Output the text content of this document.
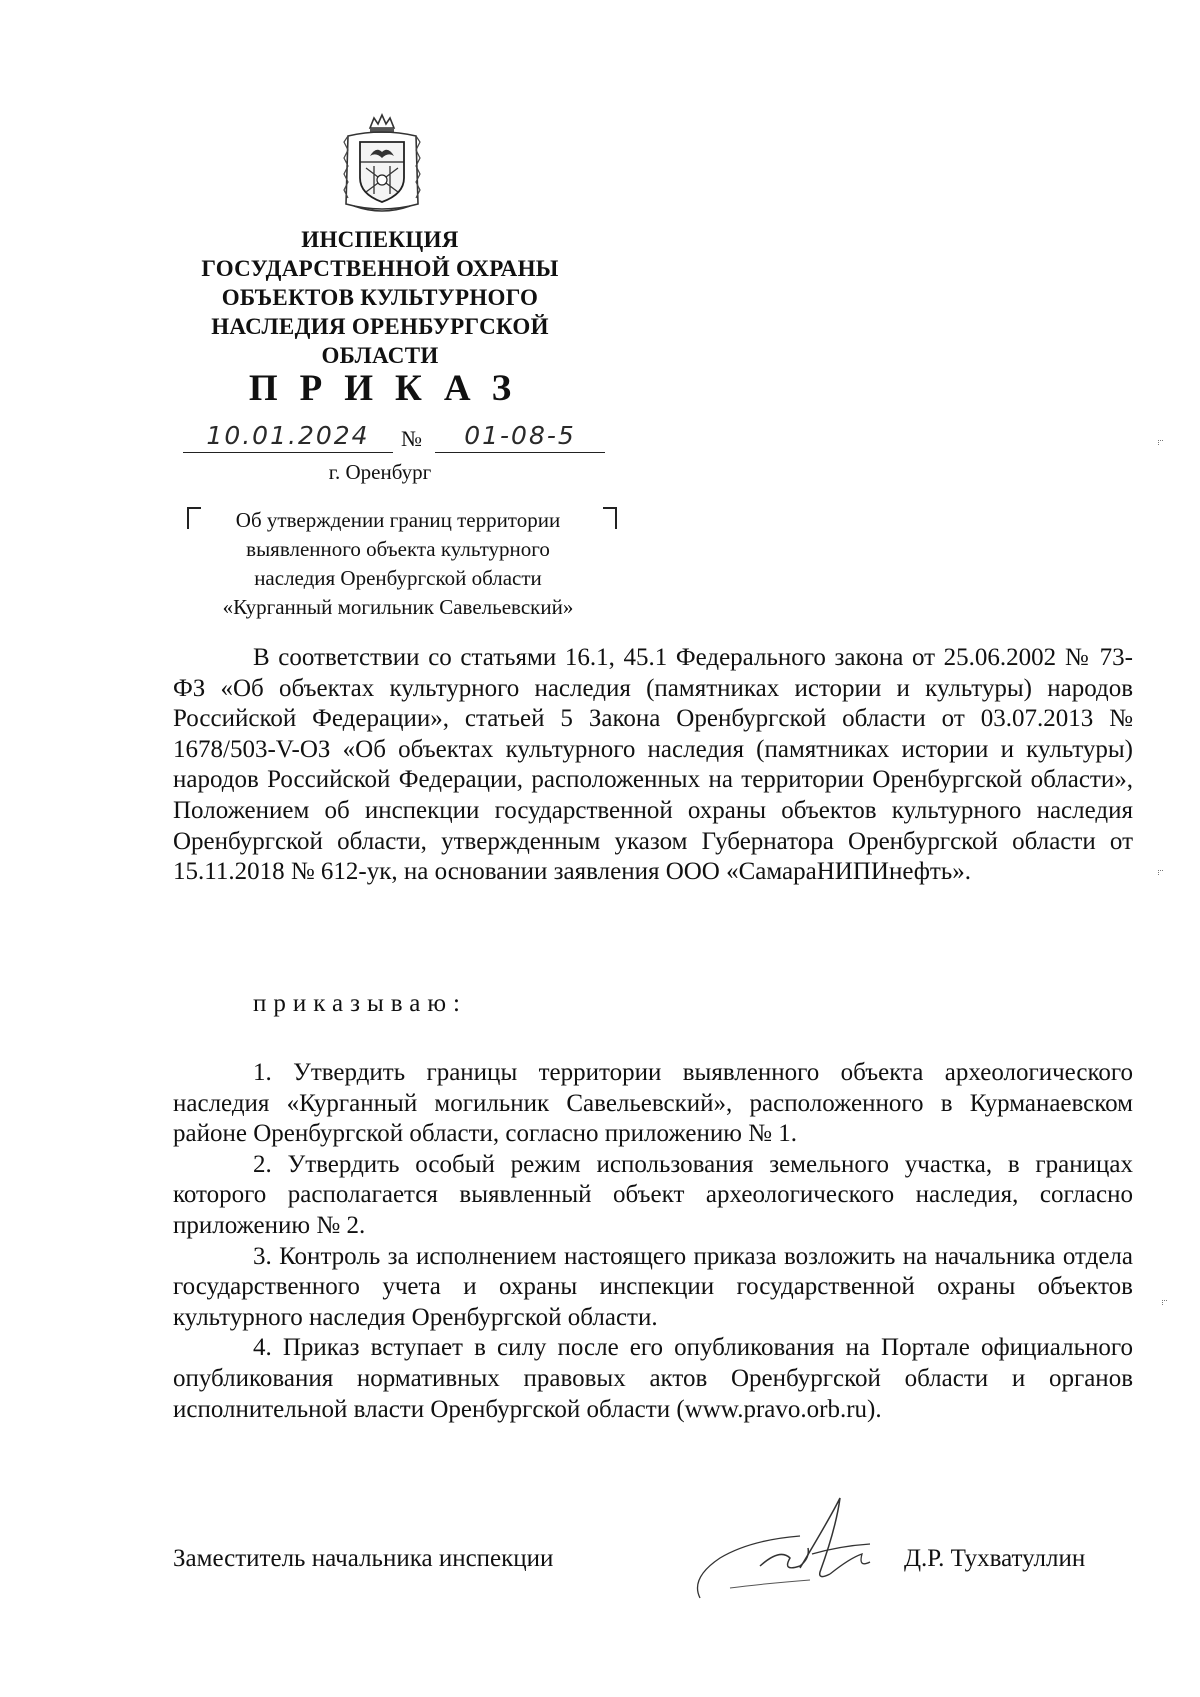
ИНСПЕКЦИЯ
ГОСУДАРСТВЕННОЙ ОХРАНЫ
ОБЪЕКТОВ КУЛЬТУРНОГО
НАСЛЕДИЯ ОРЕНБУРГСКОЙ
ОБЛАСТИ
ПРИКАЗ
10.01.2024	№	01-08-5
г. Оренбург
Об утверждении границ территории
выявленного объекта культурного
наследия Оренбургской области
«Курганный могильник Савельевский»
В соответствии со статьями 16.1, 45.1 Федерального закона от 25.06.2002 № 73-ФЗ «Об объектах культурного наследия (памятниках истории и культуры) народов Российской Федерации», статьей 5 Закона Оренбургской области от 03.07.2013 № 1678/503-V-ОЗ «Об объектах культурного наследия (памятниках истории и культуры) народов Российской Федерации, расположенных на территории Оренбургской области», Положением об инспекции государственной охраны объектов культурного наследия Оренбургской области, утвержденным указом Губернатора Оренбургской области от 15.11.2018 № 612-ук, на основании заявления ООО «СамараНИПИнефть».
приказываю:

1. Утвердить границы территории выявленного объекта археологического наследия «Курганный могильник Савельевский», расположенного в Курманаевском районе Оренбургской области, согласно приложению № 1.

2. Утвердить особый режим использования земельного участка, в границах которого располагается выявленный объект археологического наследия, согласно приложению № 2.

3. Контроль за исполнением настоящего приказа возложить на начальника отдела государственного учета и охраны инспекции государственной охраны объектов культурного наследия Оренбургской области.

4. Приказ вступает в силу после его опубликования на Портале официального опубликования нормативных правовых актов Оренбургской области и органов исполнительной власти Оренбургской области (www.pravo.orb.ru).

Заместитель начальника инспекции	Д.Р. Тухватуллин
